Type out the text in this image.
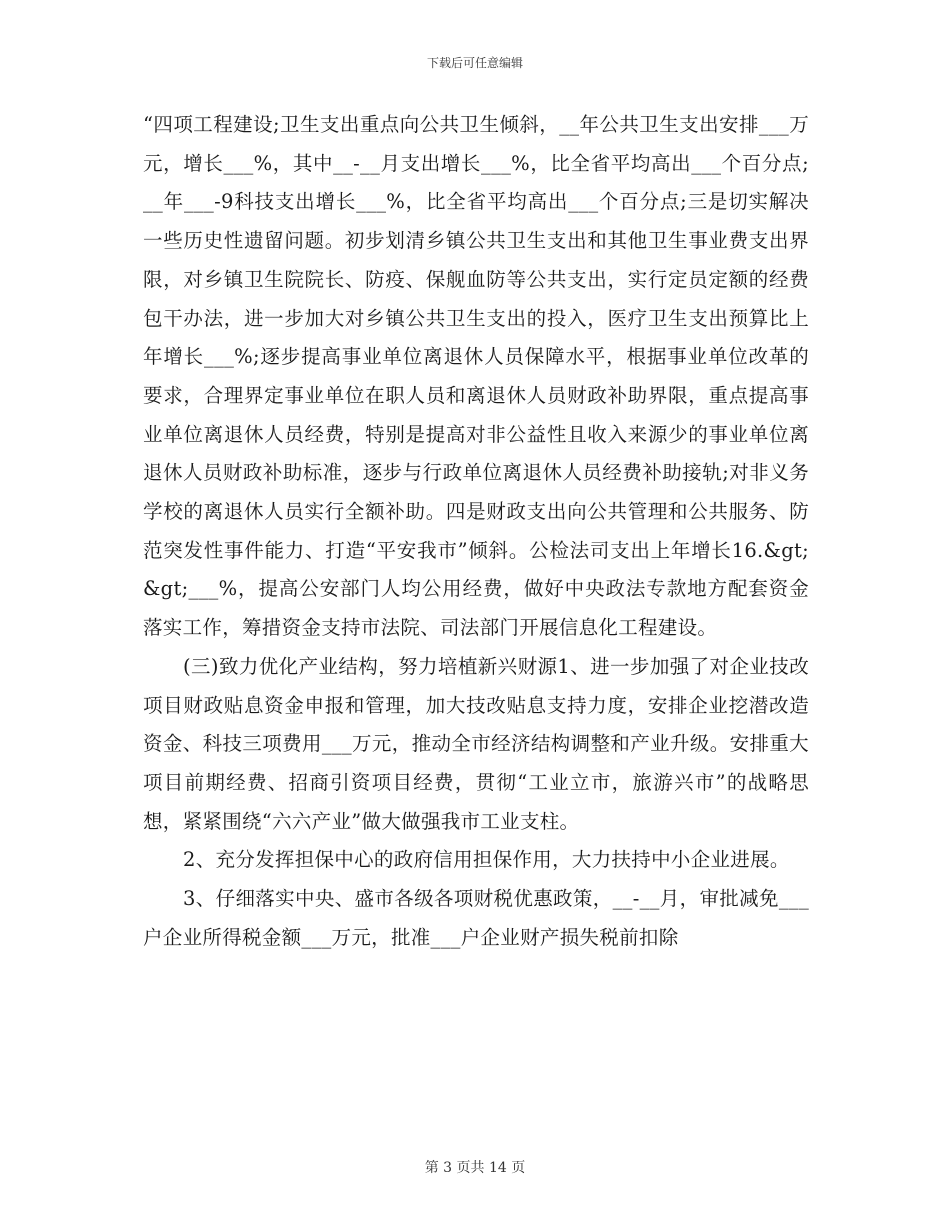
下载后可任意编辑

“四项工程建设;卫生支出重点向公共卫生倾斜，__年公共卫生支出安排___万元，增长___%，其中__-__月支出增长___%，比全省平均高出___个百分点;__年___-9科技支出增长___%，比全省平均高出___个百分点;三是切实解决一些历史性遗留问题。初步划清乡镇公共卫生支出和其他卫生事业费支出界限，对乡镇卫生院院长、防疫、保舰血防等公共支出，实行定员定额的经费包干办法，进一步加大对乡镇公共卫生支出的投入，医疗卫生支出预算比上年增长___%;逐步提高事业单位离退休人员保障水平，根据事业单位改革的要求，合理界定事业单位在职人员和离退休人员财政补助界限，重点提高事业单位离退休人员经费，特别是提高对非公益性且收入来源少的事业单位离退休人员财政补助标准，逐步与行政单位离退休人员经费补助接轨;对非义务学校的离退休人员实行全额补助。四是财政支出向公共管理和公共服务、防范突发性事件能力、打造“平安我市”倾斜。公检法司支出上年增长16.&gt;&gt;___%，提高公安部门人均公用经费，做好中央政法专款地方配套资金落实工作，筹措资金支持市法院、司法部门开展信息化工程建设。

(三)致力优化产业结构，努力培植新兴财源1、进一步加强了对企业技改项目财政贴息资金申报和管理，加大技改贴息支持力度，安排企业挖潜改造资金、科技三项费用___万元，推动全市经济结构调整和产业升级。安排重大项目前期经费、招商引资项目经费，贯彻“工业立市，旅游兴市”的战略思想，紧紧围绕“六六产业”做大做强我市工业支柱。

2、充分发挥担保中心的政府信用担保作用，大力扶持中小企业进展。

3、仔细落实中央、盛市各级各项财税优惠政策，__-__月，审批减免___户企业所得税金额___万元，批准___户企业财产损失税前扣除

第 3 页共 14 页
